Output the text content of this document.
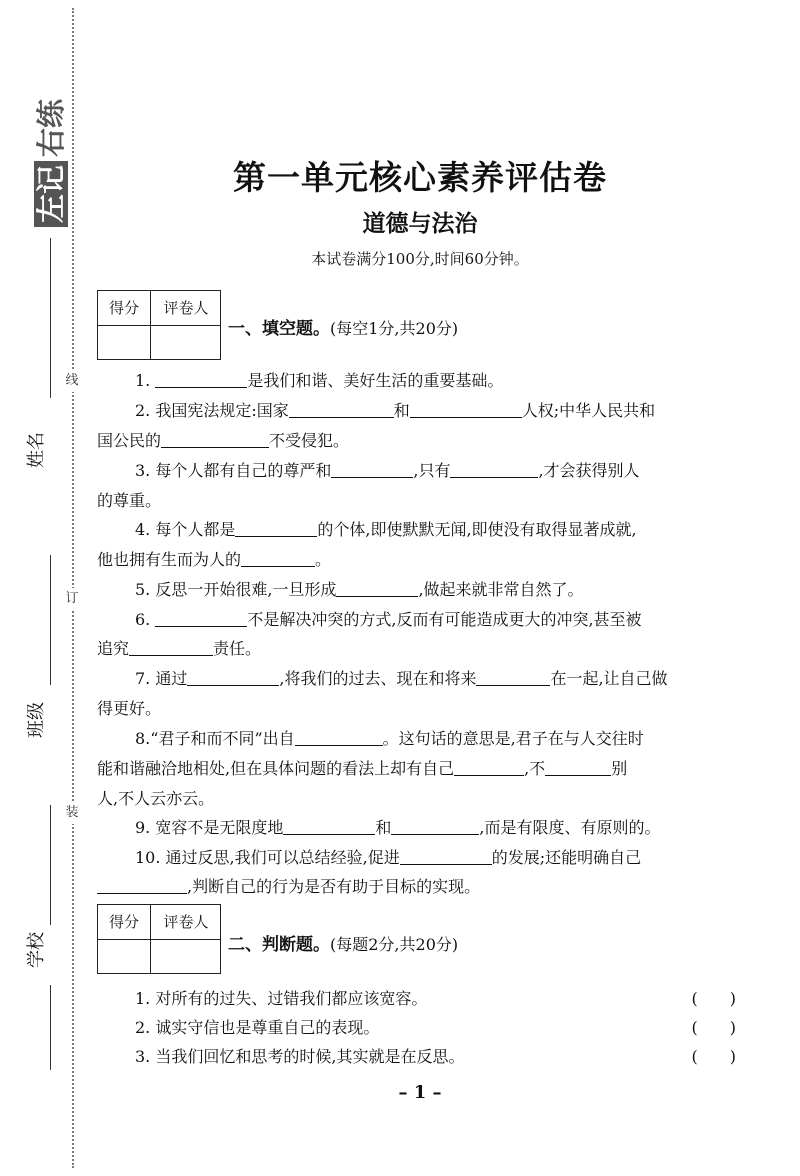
线
订
装
左记右练
姓名
班级
学校
第一单元核心素养评估卷
道德与法治
本试卷满分100分,时间60分钟。
得分	评卷人
一、填空题。(每空1分,共20分)
1.	是我们和谐、美好生活的重要基础。
2. 我国宪法规定:国家	和	人权;中华人民共和
国公民的	不受侵犯。
3. 每个人都有自己的尊严和	,只有	,才会获得别人
的尊重。
4. 每个人都是	的个体,即使默默无闻,即使没有取得显著成就,
他也拥有生而为人的	。
5. 反思一开始很难,一旦形成	,做起来就非常自然了。
6.	不是解决冲突的方式,反而有可能造成更大的冲突,甚至被
追究	责任。
7. 通过	,将我们的过去、现在和将来	在一起,让自己做
得更好。
8.“君子和而不同”出自	。这句话的意思是,君子在与人交往时
能和谐融洽地相处,但在具体问题的看法上却有自己	,不	别
人,不人云亦云。
9. 宽容不是无限度地	和	,而是有限度、有原则的。
10. 通过反思,我们可以总结经验,促进	的发展;还能明确自己
,判断自己的行为是否有助于目标的实现。
得分	评卷人
二、判断题。(每题2分,共20分)
1. 对所有的过失、过错我们都应该宽容。	(　　)
2. 诚实守信也是尊重自己的表现。	(　　)
3. 当我们回忆和思考的时候,其实就是在反思。	(　　)
– 1 –
